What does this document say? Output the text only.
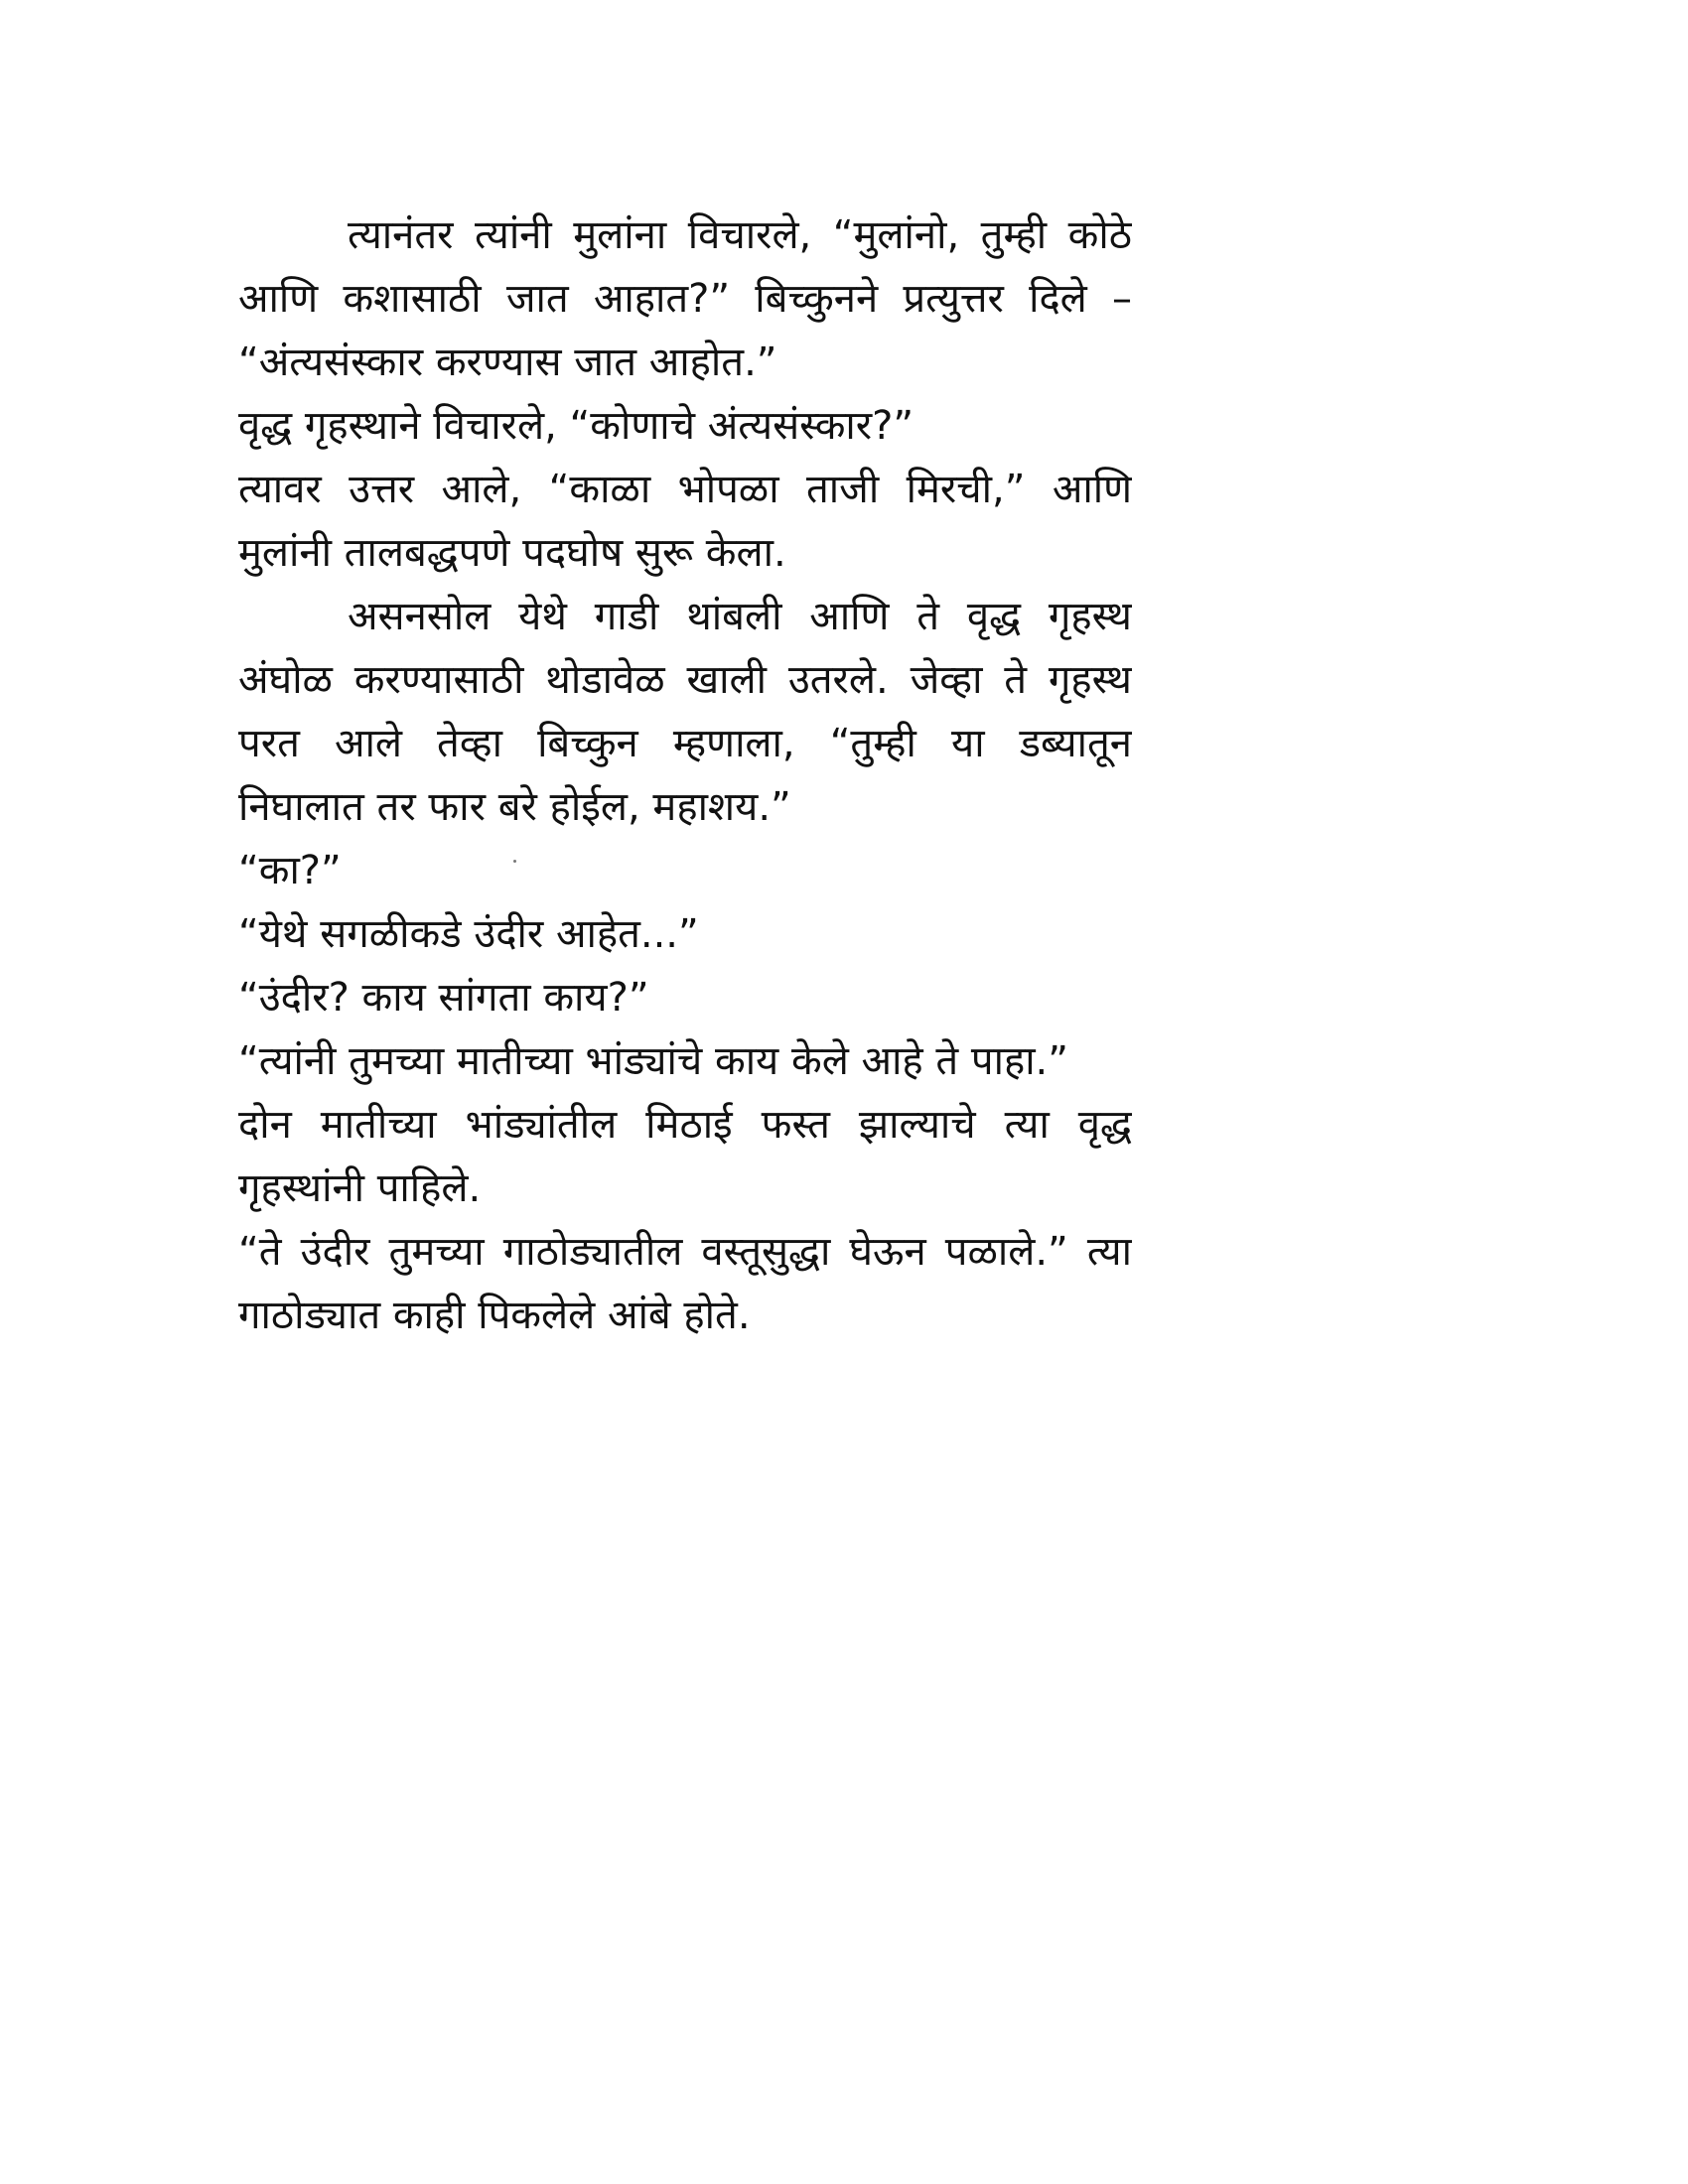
त्यानंतर त्यांनी मुलांना विचारले, “मुलांनो, तुम्ही कोठे
आणि कशासाठी जात आहात?” बिच्कुनने प्रत्युत्तर दिले –
“अंत्यसंस्कार करण्यास जात आहोत.”
वृद्ध गृहस्थाने विचारले, “कोणाचे अंत्यसंस्कार?”
त्यावर उत्तर आले, “काळा भोपळा ताजी मिरची,” आणि
मुलांनी तालबद्धपणे पदघोष सुरू केला.
असनसोल येथे गाडी थांबली आणि ते वृद्ध गृहस्थ
अंघोळ करण्यासाठी थोडावेळ खाली उतरले. जेव्हा ते गृहस्थ
परत आले तेव्हा बिच्कुन म्हणाला, “तुम्ही या डब्यातून
निघालात तर फार बरे होईल, महाशय.”
“का?”
“येथे सगळीकडे उंदीर आहेत...”
“उंदीर? काय सांगता काय?”
“त्यांनी तुमच्या मातीच्या भांड्यांचे काय केले आहे ते पाहा.”
दोन मातीच्या भांड्यांतील मिठाई फस्त झाल्याचे त्या वृद्ध
गृहस्थांनी पाहिले.
“ते उंदीर तुमच्या गाठोड्यातील वस्तूसुद्धा घेऊन पळाले.” त्या
गाठोड्यात काही पिकलेले आंबे होते.
